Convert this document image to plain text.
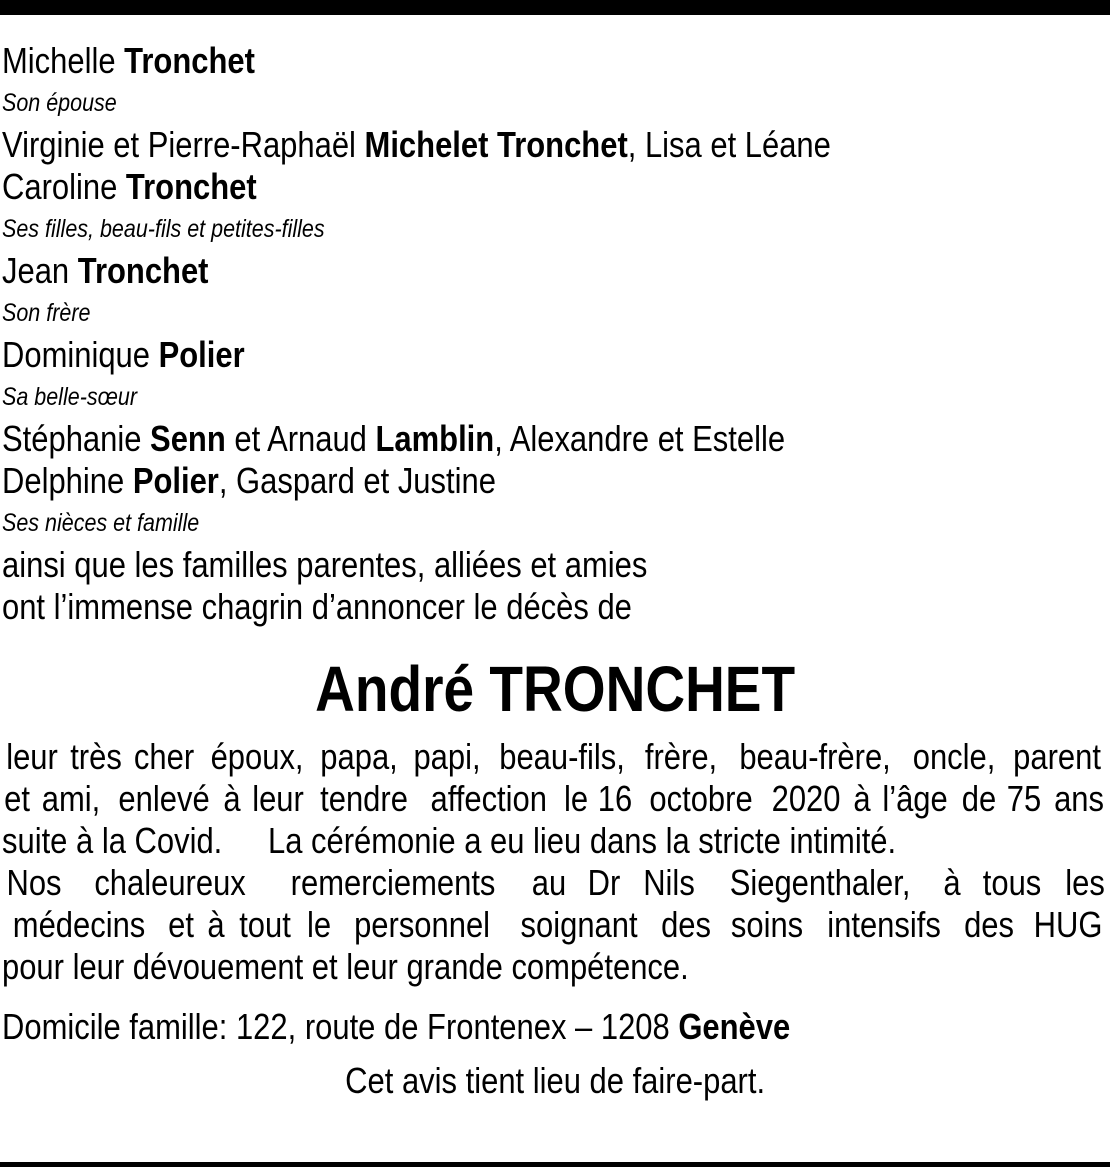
Michelle Tronchet
Son épouse
Virginie et Pierre-Raphaël Michelet Tronchet, Lisa et Léane
Caroline Tronchet
Ses filles, beau-fils et petites-filles
Jean Tronchet
Son frère
Dominique Polier
Sa belle-sœur
Stéphanie Senn et Arnaud Lamblin, Alexandre et Estelle
Delphine Polier, Gaspard et Justine
Ses nièces et famille
ainsi que les familles parentes, alliées et amies
ont l’immense chagrin d’annoncer le décès de
André TRONCHET
leur très cher époux, papa, papi, beau-fils, frère, beau-frère, oncle, parent
et ami, enlevé à leur tendre affection le 16 octobre 2020 à l’âge de 75 ans
suite à la Covid. La cérémonie a eu lieu dans la stricte intimité.
Nos chaleureux remerciements au Dr Nils Siegenthaler, à tous les
médecins et à tout le personnel soignant des soins intensifs des HUG
pour leur dévouement et leur grande compétence.
Domicile famille: 122, route de Frontenex – 1208 Genève
Cet avis tient lieu de faire-part.
